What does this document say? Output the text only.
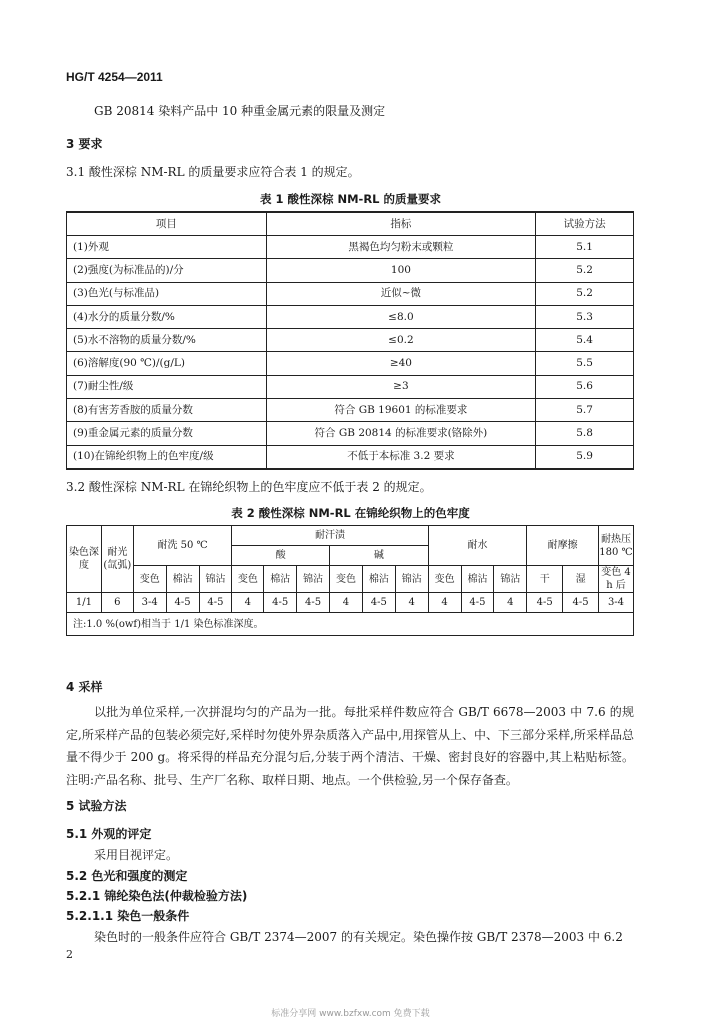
HG/T 4254—2011
GB 20814 染料产品中 10 种重金属元素的限量及测定
3 要求
3.1 酸性深棕 NM-RL 的质量要求应符合表 1 的规定。
表 1 酸性深棕 NM-RL 的质量要求
项目	指标	试验方法
(1)外观	黑褐色均匀粉末或颗粒	5.1
(2)强度(为标准品的)/分	100	5.2
(3)色光(与标准品)	近似~微	5.2
(4)水分的质量分数/%	≤8.0	5.3
(5)水不溶物的质量分数/%	≤0.2	5.4
(6)溶解度(90 ℃)/(g/L)	≥40	5.5
(7)耐尘性/级	≥3	5.6
(8)有害芳香胺的质量分数	符合 GB 19601 的标准要求	5.7
(9)重金属元素的质量分数	符合 GB 20814 的标准要求(铬除外)	5.8
(10)在锦纶织物上的色牢度/级	不低于本标准 3.2 要求	5.9
3.2 酸性深棕 NM-RL 在锦纶织物上的色牢度应不低于表 2 的规定。
表 2 酸性深棕 NM-RL 在锦纶织物上的色牢度
染色深度	耐光(氙弧)	耐洗 50 ℃			耐汗渍						耐水			耐摩擦		耐热压 180 ℃
					酸			碱								
		变色	棉沾	锦沾	变色	棉沾	锦沾	变色	棉沾	锦沾	变色	棉沾	锦沾	干	湿	变色 4 h 后
1/1	6	3-4	4-5	4-5	4	4-5	4-5	4	4-5	4	4	4-5	4	4-5	4-5	3-4
注:1.0 %(owf)相当于 1/1 染色标准深度。																
4 采样
以批为单位采样,一次拼混均匀的产品为一批。每批采样件数应符合 GB/T 6678—2003 中 7.6 的规定,所采样产品的包装必须完好,采样时勿使外界杂质落入产品中,用探管从上、中、下三部分采样,所采样品总量不得少于 200 g。将采得的样品充分混匀后,分装于两个清洁、干燥、密封良好的容器中,其上粘贴标签。注明:产品名称、批号、生产厂名称、取样日期、地点。一个供检验,另一个保存备查。
5 试验方法
5.1 外观的评定
采用目视评定。
5.2 色光和强度的测定
5.2.1 锦纶染色法(仲裁检验方法)
5.2.1.1 染色一般条件
染色时的一般条件应符合 GB/T 2374—2007 的有关规定。染色操作按 GB/T 2378—2003 中 6.2
2
标准分享网 www.bzfxw.com 免费下载
